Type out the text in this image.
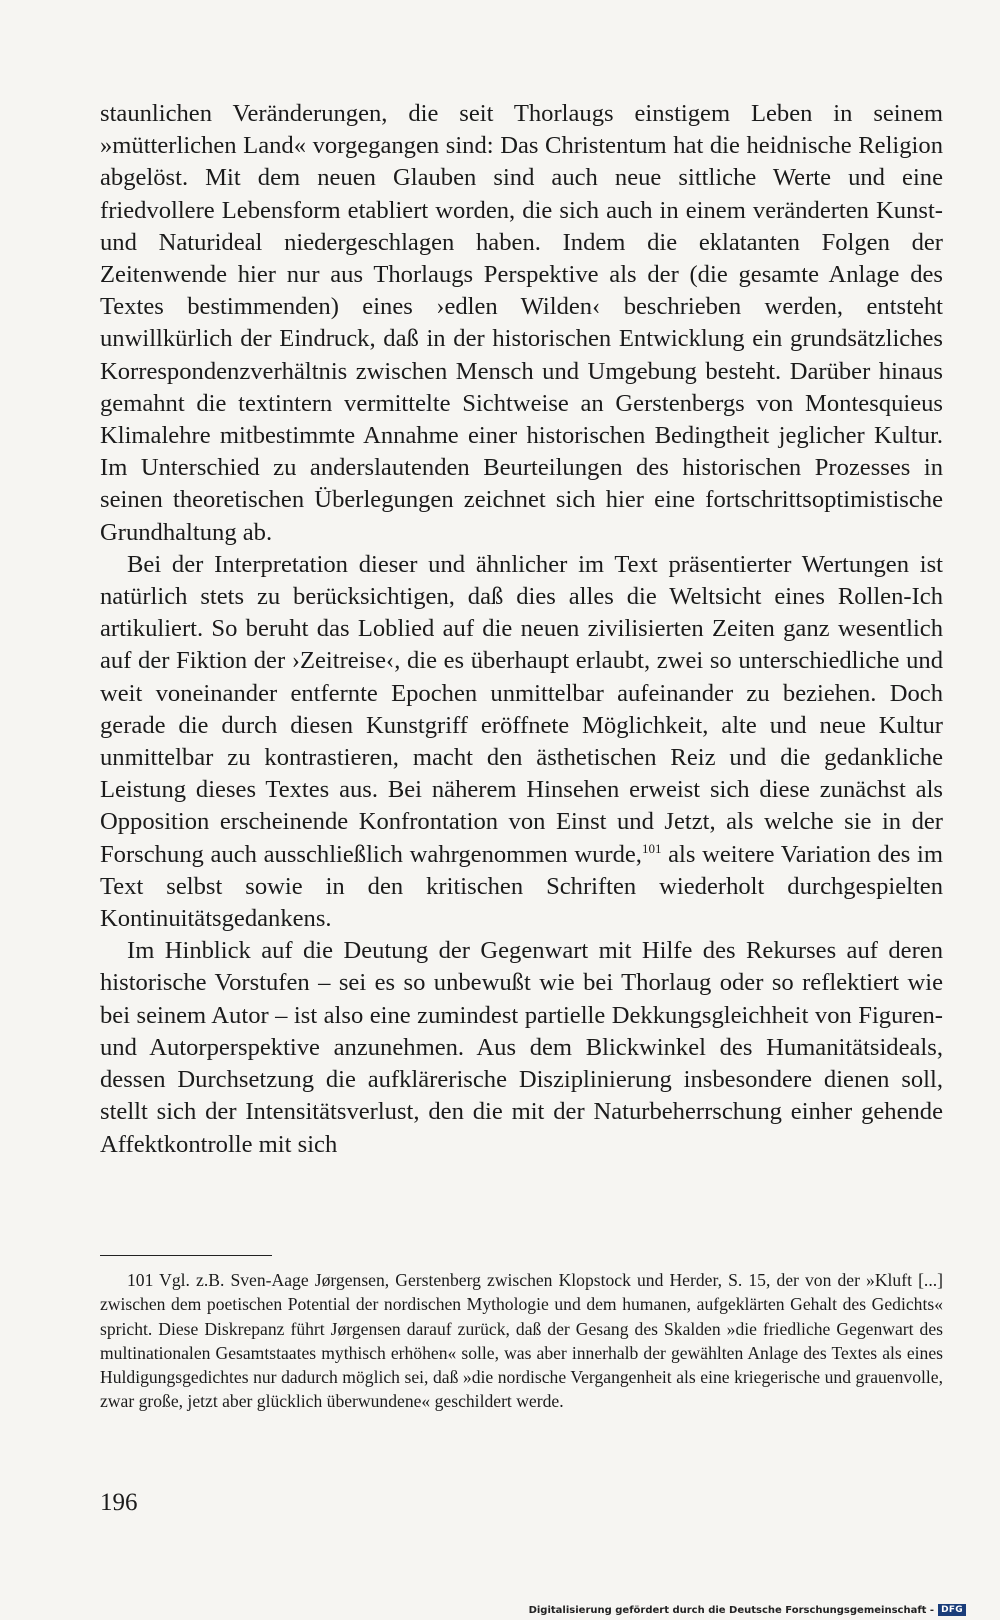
staunlichen Veränderungen, die seit Thorlaugs einstigem Leben in seinem »mütterlichen Land« vorgegangen sind: Das Christentum hat die heidnische Religion abgelöst. Mit dem neuen Glauben sind auch neue sittliche Werte und eine friedvollere Lebensform etabliert worden, die sich auch in einem veränderten Kunst- und Naturideal niedergeschlagen haben. Indem die eklatanten Folgen der Zeitenwende hier nur aus Thorlaugs Perspektive als der (die gesamte Anlage des Textes bestimmenden) eines ›edlen Wilden‹ beschrieben werden, entsteht unwillkürlich der Eindruck, daß in der historischen Entwicklung ein grundsätzliches Korrespondenzverhältnis zwischen Mensch und Umgebung besteht. Darüber hinaus gemahnt die textintern vermittelte Sichtweise an Gerstenbergs von Montesquieus Klimalehre mitbestimmte Annahme einer historischen Bedingtheit jeglicher Kultur. Im Unterschied zu anderslautenden Beurteilungen des historischen Prozesses in seinen theoretischen Überlegungen zeichnet sich hier eine fortschrittsoptimistische Grundhaltung ab.

Bei der Interpretation dieser und ähnlicher im Text präsentierter Wertungen ist natürlich stets zu berücksichtigen, daß dies alles die Weltsicht eines Rollen-Ich artikuliert. So beruht das Loblied auf die neuen zivilisierten Zeiten ganz wesentlich auf der Fiktion der ›Zeitreise‹, die es überhaupt erlaubt, zwei so unterschiedliche und weit voneinander entfernte Epochen unmittelbar aufeinander zu beziehen. Doch gerade die durch diesen Kunstgriff eröffnete Möglichkeit, alte und neue Kultur unmittelbar zu kontrastieren, macht den ästhetischen Reiz und die gedankliche Leistung dieses Textes aus. Bei näherem Hinsehen erweist sich diese zunächst als Opposition erscheinende Konfrontation von Einst und Jetzt, als welche sie in der Forschung auch ausschließlich wahrgenommen wurde,$^{101}$ als weitere Variation des im Text selbst sowie in den kritischen Schriften wiederholt durchgespielten Kontinuitätsgedankens.

Im Hinblick auf die Deutung der Gegenwart mit Hilfe des Rekurses auf deren historische Vorstufen – sei es so unbewußt wie bei Thorlaug oder so reflektiert wie bei seinem Autor – ist also eine zumindest partielle Dekkungsgleichheit von Figuren- und Autorperspektive anzunehmen. Aus dem Blickwinkel des Humanitätsideals, dessen Durchsetzung die aufklärerische Disziplinierung insbesondere dienen soll, stellt sich der Intensitätsverlust, den die mit der Naturbeherrschung einher gehende Affektkontrolle mit sich

101 Vgl. z.B. Sven-Aage Jørgensen, Gerstenberg zwischen Klopstock und Herder, S. 15, der von der »Kluft [...] zwischen dem poetischen Potential der nordischen Mythologie und dem humanen, aufgeklärten Gehalt des Gedichts« spricht. Diese Diskrepanz führt Jørgensen darauf zurück, daß der Gesang des Skalden »die friedliche Gegenwart des multinationalen Gesamtstaates mythisch erhöhen« solle, was aber innerhalb der gewählten Anlage des Textes als eines Huldigungsgedichtes nur dadurch möglich sei, daß »die nordische Vergangenheit als eine kriegerische und grauenvolle, zwar große, jetzt aber glücklich überwundene« geschildert werde.

196
Digitalisierung gefördert durch die Deutsche Forschungsgemeinschaft - DFG
